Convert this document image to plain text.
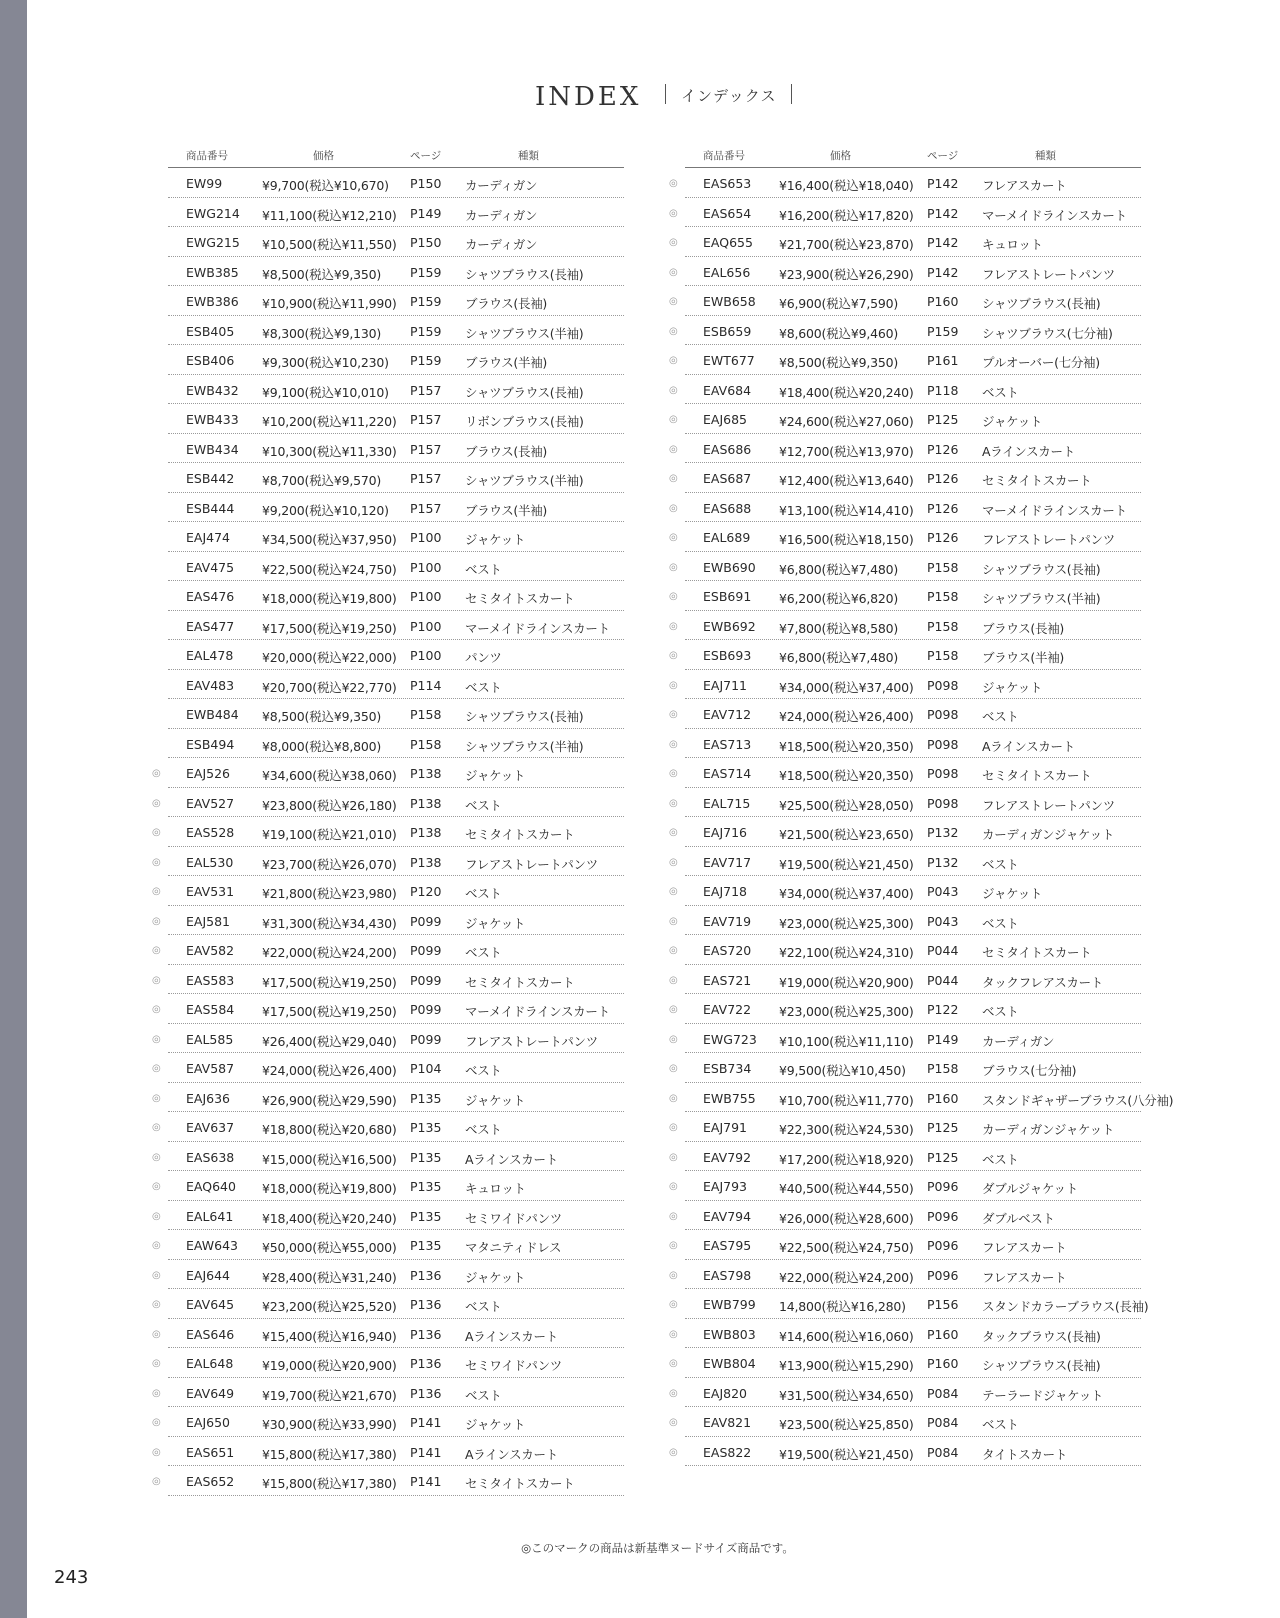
INDEX	インデックス
商品番号	価格	ページ	種類
EW99	¥9,700(税込¥10,670) P150 カーディガン
EWG214 ¥11,100(税込¥12,210) P149 カーディガン
EWG215 ¥10,500(税込¥11,550) P150 カーディガン
EWB385 ¥8,500(税込¥9,350) P159 シャツブラウス(長袖)
EWB386 ¥10,900(税込¥11,990) P159 ブラウス(長袖)
ESB405 ¥8,300(税込¥9,130) P159 シャツブラウス(半袖)
ESB406 ¥9,300(税込¥10,230) P159 ブラウス(半袖)
EWB432 ¥9,100(税込¥10,010) P157 シャツブラウス(長袖)
EWB433 ¥10,200(税込¥11,220) P157 リボンブラウス(長袖)
EWB434 ¥10,300(税込¥11,330) P157 ブラウス(長袖)
ESB442 ¥8,700(税込¥9,570) P157 シャツブラウス(半袖)
ESB444 ¥9,200(税込¥10,120) P157 ブラウス(半袖)
EAJ474	¥34,500(税込¥37,950) P100 ジャケット
EAV475 ¥22,500(税込¥24,750) P100 ベスト
EAS476 ¥18,000(税込¥19,800) P100 セミタイトスカート
EAS477 ¥17,500(税込¥19,250) P100 マーメイドラインスカート
EAL478 ¥20,000(税込¥22,000) P100 パンツ
EAV483 ¥20,700(税込¥22,770) P114 ベスト
EWB484 ¥8,500(税込¥9,350) P158 シャツブラウス(長袖)
ESB494 ¥8,000(税込¥8,800) P158 シャツブラウス(半袖)
◎ EAJ526	¥34,600(税込¥38,060) P138 ジャケット
◎ EAV527 ¥23,800(税込¥26,180) P138 ベスト
◎ EAS528 ¥19,100(税込¥21,010) P138 セミタイトスカート
◎ EAL530 ¥23,700(税込¥26,070) P138 フレアストレートパンツ
◎ EAV531 ¥21,800(税込¥23,980) P120 ベスト
◎ EAJ581	¥31,300(税込¥34,430) P099 ジャケット
◎ EAV582 ¥22,000(税込¥24,200) P099 ベスト
◎ EAS583 ¥17,500(税込¥19,250) P099 セミタイトスカート
◎ EAS584 ¥17,500(税込¥19,250) P099 マーメイドラインスカート
◎ EAL585 ¥26,400(税込¥29,040) P099 フレアストレートパンツ
◎ EAV587 ¥24,000(税込¥26,400) P104 ベスト
◎ EAJ636	¥26,900(税込¥29,590) P135 ジャケット
◎ EAV637 ¥18,800(税込¥20,680) P135 ベスト
◎ EAS638 ¥15,000(税込¥16,500) P135 Aラインスカート
◎ EAQ640 ¥18,000(税込¥19,800) P135 キュロット
◎ EAL641 ¥18,400(税込¥20,240) P135 セミワイドパンツ
◎ EAW643 ¥50,000(税込¥55,000) P135 マタニティドレス
◎ EAJ644	¥28,400(税込¥31,240) P136 ジャケット
◎ EAV645 ¥23,200(税込¥25,520) P136 ベスト
◎ EAS646 ¥15,400(税込¥16,940) P136 Aラインスカート
◎ EAL648 ¥19,000(税込¥20,900) P136 セミワイドパンツ
◎ EAV649 ¥19,700(税込¥21,670) P136 ベスト
◎ EAJ650	¥30,900(税込¥33,990) P141 ジャケット
◎ EAS651 ¥15,800(税込¥17,380) P141 Aラインスカート
◎ EAS652 ¥15,800(税込¥17,380) P141 セミタイトスカート
商品番号	価格	ページ	種類
◎ EAS653 ¥16,400(税込¥18,040) P142 フレアスカート
◎ EAS654 ¥16,200(税込¥17,820) P142 マーメイドラインスカート
◎ EAQ655 ¥21,700(税込¥23,870) P142 キュロット
◎ EAL656 ¥23,900(税込¥26,290) P142 フレアストレートパンツ
◎ EWB658 ¥6,900(税込¥7,590) P160 シャツブラウス(長袖)
◎ ESB659 ¥8,600(税込¥9,460) P159 シャツブラウス(七分袖)
◎ EWT677 ¥8,500(税込¥9,350) P161 プルオーバー(七分袖)
◎ EAV684 ¥18,400(税込¥20,240) P118 ベスト
◎ EAJ685	¥24,600(税込¥27,060) P125 ジャケット
◎ EAS686 ¥12,700(税込¥13,970) P126 Aラインスカート
◎ EAS687 ¥12,400(税込¥13,640) P126 セミタイトスカート
◎ EAS688 ¥13,100(税込¥14,410) P126 マーメイドラインスカート
◎ EAL689 ¥16,500(税込¥18,150) P126 フレアストレートパンツ
◎ EWB690 ¥6,800(税込¥7,480) P158 シャツブラウス(長袖)
◎ ESB691 ¥6,200(税込¥6,820) P158 シャツブラウス(半袖)
◎ EWB692 ¥7,800(税込¥8,580) P158 ブラウス(長袖)
◎ ESB693 ¥6,800(税込¥7,480) P158 ブラウス(半袖)
◎ EAJ711	¥34,000(税込¥37,400) P098 ジャケット
◎ EAV712 ¥24,000(税込¥26,400) P098 ベスト
◎ EAS713 ¥18,500(税込¥20,350) P098 Aラインスカート
◎ EAS714 ¥18,500(税込¥20,350) P098 セミタイトスカート
◎ EAL715 ¥25,500(税込¥28,050) P098 フレアストレートパンツ
◎ EAJ716	¥21,500(税込¥23,650) P132 カーディガンジャケット
◎ EAV717 ¥19,500(税込¥21,450) P132 ベスト
◎ EAJ718	¥34,000(税込¥37,400) P043 ジャケット
◎ EAV719 ¥23,000(税込¥25,300) P043 ベスト
◎ EAS720 ¥22,100(税込¥24,310) P044 セミタイトスカート
◎ EAS721 ¥19,000(税込¥20,900) P044 タックフレアスカート
◎ EAV722 ¥23,000(税込¥25,300) P122 ベスト
◎ EWG723 ¥10,100(税込¥11,110) P149 カーディガン
◎ ESB734 ¥9,500(税込¥10,450) P158 ブラウス(七分袖)
◎ EWB755 ¥10,700(税込¥11,770) P160 スタンドギャザーブラウス(八分袖)
◎ EAJ791	¥22,300(税込¥24,530) P125 カーディガンジャケット
◎ EAV792 ¥17,200(税込¥18,920) P125 ベスト
◎ EAJ793	¥40,500(税込¥44,550) P096 ダブルジャケット
◎ EAV794 ¥26,000(税込¥28,600) P096 ダブルベスト
◎ EAS795 ¥22,500(税込¥24,750) P096 フレアスカート
◎ EAS798 ¥22,000(税込¥24,200) P096 フレアスカート
◎ EWB799 14,800(税込¥16,280) P156 スタンドカラーブラウス(長袖)
◎ EWB803 ¥14,600(税込¥16,060) P160 タックブラウス(長袖)
◎ EWB804 ¥13,900(税込¥15,290) P160 シャツブラウス(長袖)
◎ EAJ820	¥31,500(税込¥34,650) P084 テーラードジャケット
◎ EAV821 ¥23,500(税込¥25,850) P084 ベスト
◎ EAS822 ¥19,500(税込¥21,450) P084 タイトスカート
◎このマークの商品は新基準ヌードサイズ商品です。
243
